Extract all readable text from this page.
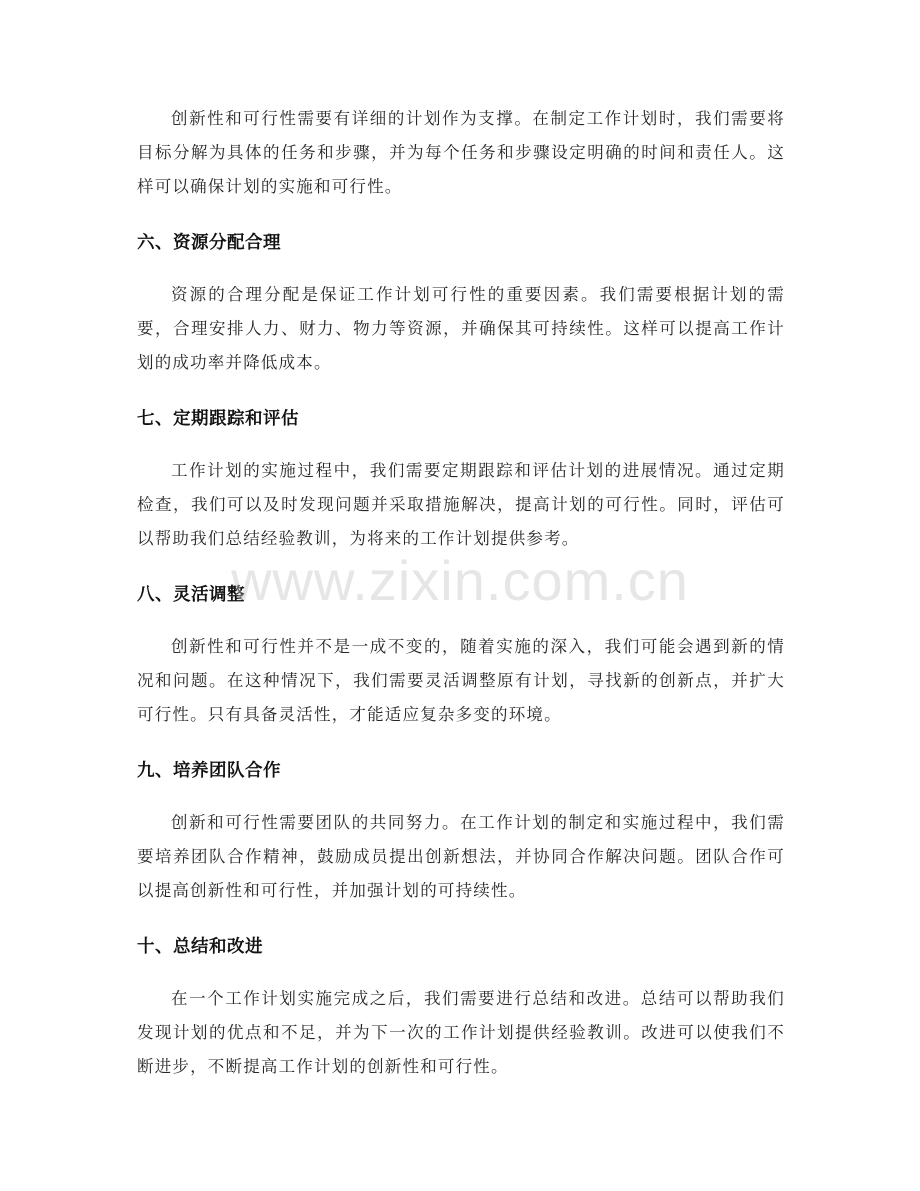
创新性和可行性需要有详细的计划作为支撑。在制定工作计划时，我们需要将目标分解为具体的任务和步骤，并为每个任务和步骤设定明确的时间和责任人。这样可以确保计划的实施和可行性。

六、资源分配合理

资源的合理分配是保证工作计划可行性的重要因素。我们需要根据计划的需要，合理安排人力、财力、物力等资源，并确保其可持续性。这样可以提高工作计划的成功率并降低成本。

七、定期跟踪和评估

工作计划的实施过程中，我们需要定期跟踪和评估计划的进展情况。通过定期检查，我们可以及时发现问题并采取措施解决，提高计划的可行性。同时，评估可以帮助我们总结经验教训，为将来的工作计划提供参考。

八、灵活调整

创新性和可行性并不是一成不变的，随着实施的深入，我们可能会遇到新的情况和问题。在这种情况下，我们需要灵活调整原有计划，寻找新的创新点，并扩大可行性。只有具备灵活性，才能适应复杂多变的环境。

九、培养团队合作

创新和可行性需要团队的共同努力。在工作计划的制定和实施过程中，我们需要培养团队合作精神，鼓励成员提出创新想法，并协同合作解决问题。团队合作可以提高创新性和可行性，并加强计划的可持续性。

十、总结和改进

在一个工作计划实施完成之后，我们需要进行总结和改进。总结可以帮助我们发现计划的优点和不足，并为下一次的工作计划提供经验教训。改进可以使我们不断进步，不断提高工作计划的创新性和可行性。

www.zixin.com.cn
